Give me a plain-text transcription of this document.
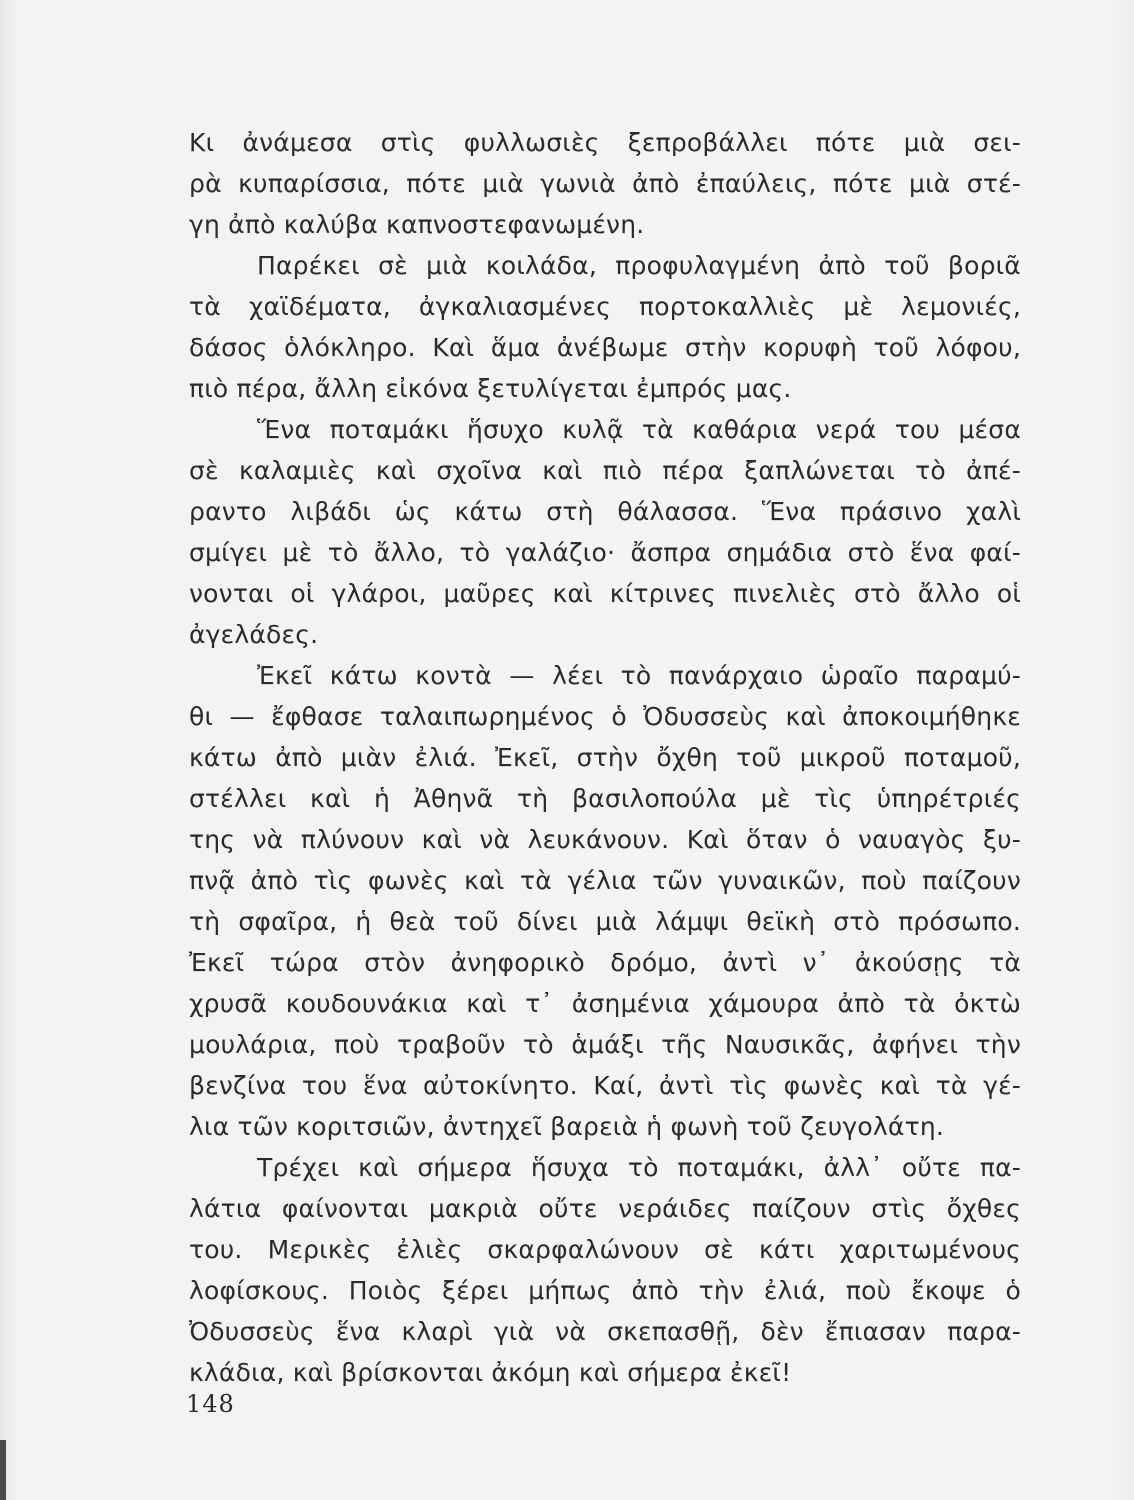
Κι ἀνάμεσα στὶς φυλλωσιὲς ξεπροβάλλει πότε μιὰ σει-
ρὰ κυπαρίσσια, πότε μιὰ γωνιὰ ἀπὸ ἐπαύλεις, πότε μιὰ στέ-
γη ἀπὸ καλύβα καπνοστεφανωμένη.
Παρέκει σὲ μιὰ κοιλάδα, προφυλαγμένη ἀπὸ τοῦ βοριᾶ
τὰ χαϊδέματα, ἀγκαλιασμένες πορτοκαλλιὲς μὲ λεμονιές,
δάσος ὁλόκληρο. Καὶ ἅμα ἀνέβωμε στὴν κορυφὴ τοῦ λόφου,
πιὸ πέρα, ἄλλη εἰκόνα ξετυλίγεται ἐμπρός μας.
Ἕνα ποταμάκι ἥσυχο κυλᾷ τὰ καθάρια νερά του μέσα
σὲ καλαμιὲς καὶ σχοῖνα καὶ πιὸ πέρα ξαπλώνεται τὸ ἀπέ-
ραντο λιβάδι ὡς κάτω στὴ θάλασσα. Ἕνα πράσινο χαλὶ
σμίγει μὲ τὸ ἄλλο, τὸ γαλάζιο· ἄσπρα σημάδια στὸ ἕνα φαί-
νονται οἱ γλάροι, μαῦρες καὶ κίτρινες πινελιὲς στὸ ἄλλο οἱ
ἀγελάδες.
Ἐκεῖ κάτω κοντὰ — λέει τὸ πανάρχαιο ὡραῖο παραμύ-
θι — ἔφθασε ταλαιπωρημένος ὁ Ὀδυσσεὺς καὶ ἀποκοιμήθηκε
κάτω ἀπὸ μιὰν ἐλιά. Ἐκεῖ, στὴν ὄχθη τοῦ μικροῦ ποταμοῦ,
στέλλει καὶ ἡ Ἀθηνᾶ τὴ βασιλοπούλα μὲ τὶς ὑπηρέτριές
της νὰ πλύνουν καὶ νὰ λευκάνουν. Καὶ ὅταν ὁ ναυαγὸς ξυ-
πνᾷ ἀπὸ τὶς φωνὲς καὶ τὰ γέλια τῶν γυναικῶν, ποὺ παίζουν
τὴ σφαῖρα, ἡ θεὰ τοῦ δίνει μιὰ λάμψι θεϊκὴ στὸ πρόσωπο.
Ἐκεῖ τώρα στὸν ἀνηφορικὸ δρόμο, ἀντὶ ν᾿ ἀκούσῃς τὰ
χρυσᾶ κουδουνάκια καὶ τ᾿ ἀσημένια χάμουρα ἀπὸ τὰ ὀκτὼ
μουλάρια, ποὺ τραβοῦν τὸ ἁμάξι τῆς Ναυσικᾶς, ἀφήνει τὴν
βενζίνα του ἕνα αὐτοκίνητο. Καί, ἀντὶ τὶς φωνὲς καὶ τὰ γέ-
λια τῶν κοριτσιῶν, ἀντηχεῖ βαρειὰ ἡ φωνὴ τοῦ ζευγολάτη.
Τρέχει καὶ σήμερα ἥσυχα τὸ ποταμάκι, ἀλλ᾿ οὔτε πα-
λάτια φαίνονται μακριὰ οὔτε νεράιδες παίζουν στὶς ὄχθες
του. Μερικὲς ἐλιὲς σκαρφαλώνουν σὲ κάτι χαριτωμένους
λοφίσκους. Ποιὸς ξέρει μήπως ἀπὸ τὴν ἐλιά, ποὺ ἔκοψε ὁ
Ὀδυσσεὺς ἕνα κλαρὶ γιὰ νὰ σκεπασθῇ, δὲν ἔπιασαν παρα-
κλάδια, καὶ βρίσκονται ἀκόμη καὶ σήμερα ἐκεῖ!
148
